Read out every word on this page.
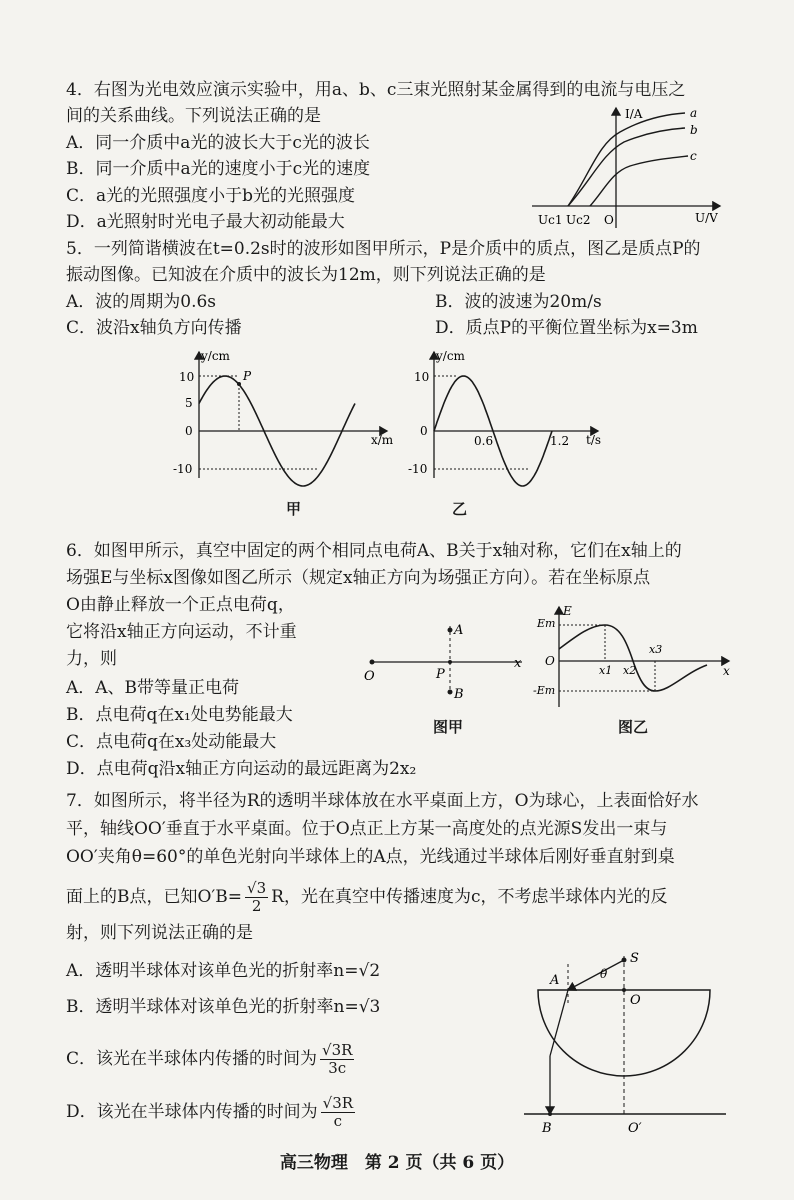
4．右图为光电效应演示实验中，用a、b、c三束光照射某金属得到的电流与电压之
间的关系曲线。下列说法正确的是
A．同一介质中a光的波长大于c光的波长
B．同一介质中a光的速度小于c光的速度
C．a光的光照强度小于b光的光照强度
D．a光照射时光电子最大初动能最大
I/A
U/V
a
b
c
Uc1 Uc2 O
5．一列简谐横波在t=0.2s时的波形如图甲所示，P是介质中的质点，图乙是质点P的
振动图像。已知波在介质中的波长为12m，则下列说法正确的是
A．波的周期为0.6s	B．波的波速为20m/s
C．波沿x轴负方向传播	D．质点P的平衡位置坐标为x=3m
P
y/cm
x/m
10
5
0
-10
甲
y/cm
t/s
10
0
-10
0.6	1.2
乙
6．如图甲所示，真空中固定的两个相同点电荷A、B关于x轴对称，它们在x轴上的
场强E与坐标x图像如图乙所示（规定x轴正方向为场强正方向）。若在坐标原点
O由静止释放一个正点电荷q，
它将沿x轴正方向运动，不计重
力，则
A．A、B带等量正电荷
B．点电荷q在x₁处电势能最大
C．点电荷q在x₃处动能最大
D．点电荷q沿x轴正方向运动的最远距离为2x₂
A
B
O	P
x
图甲
E
Em
-Em
O
x1 x2
x3
x
图乙
7．如图所示，将半径为R的透明半球体放在水平桌面上方，O为球心，上表面恰好水
平，轴线OO′垂直于水平桌面。位于O点正上方某一高度处的点光源S发出一束与
OO′夹角θ=60°的单色光射向半球体上的A点，光线通过半球体后刚好垂直射到桌
面上的B点，已知$O'B= \frac{√3}{2}$ R，光在真空中传播速度为c，不考虑半球体内光的反
射，则下列说法正确的是
A．透明半球体对该单色光的折射率n=√2
B．透明半球体对该单色光的折射率n=√3
C．该光在半球体内传播的时间为 $\frac{√3R}{3c}$
D．该光在半球体内传播的时间为 $\frac{√3R}{c}$
S
A	θ
O
B	O′
高三物理　第 2 页（共 6 页）
